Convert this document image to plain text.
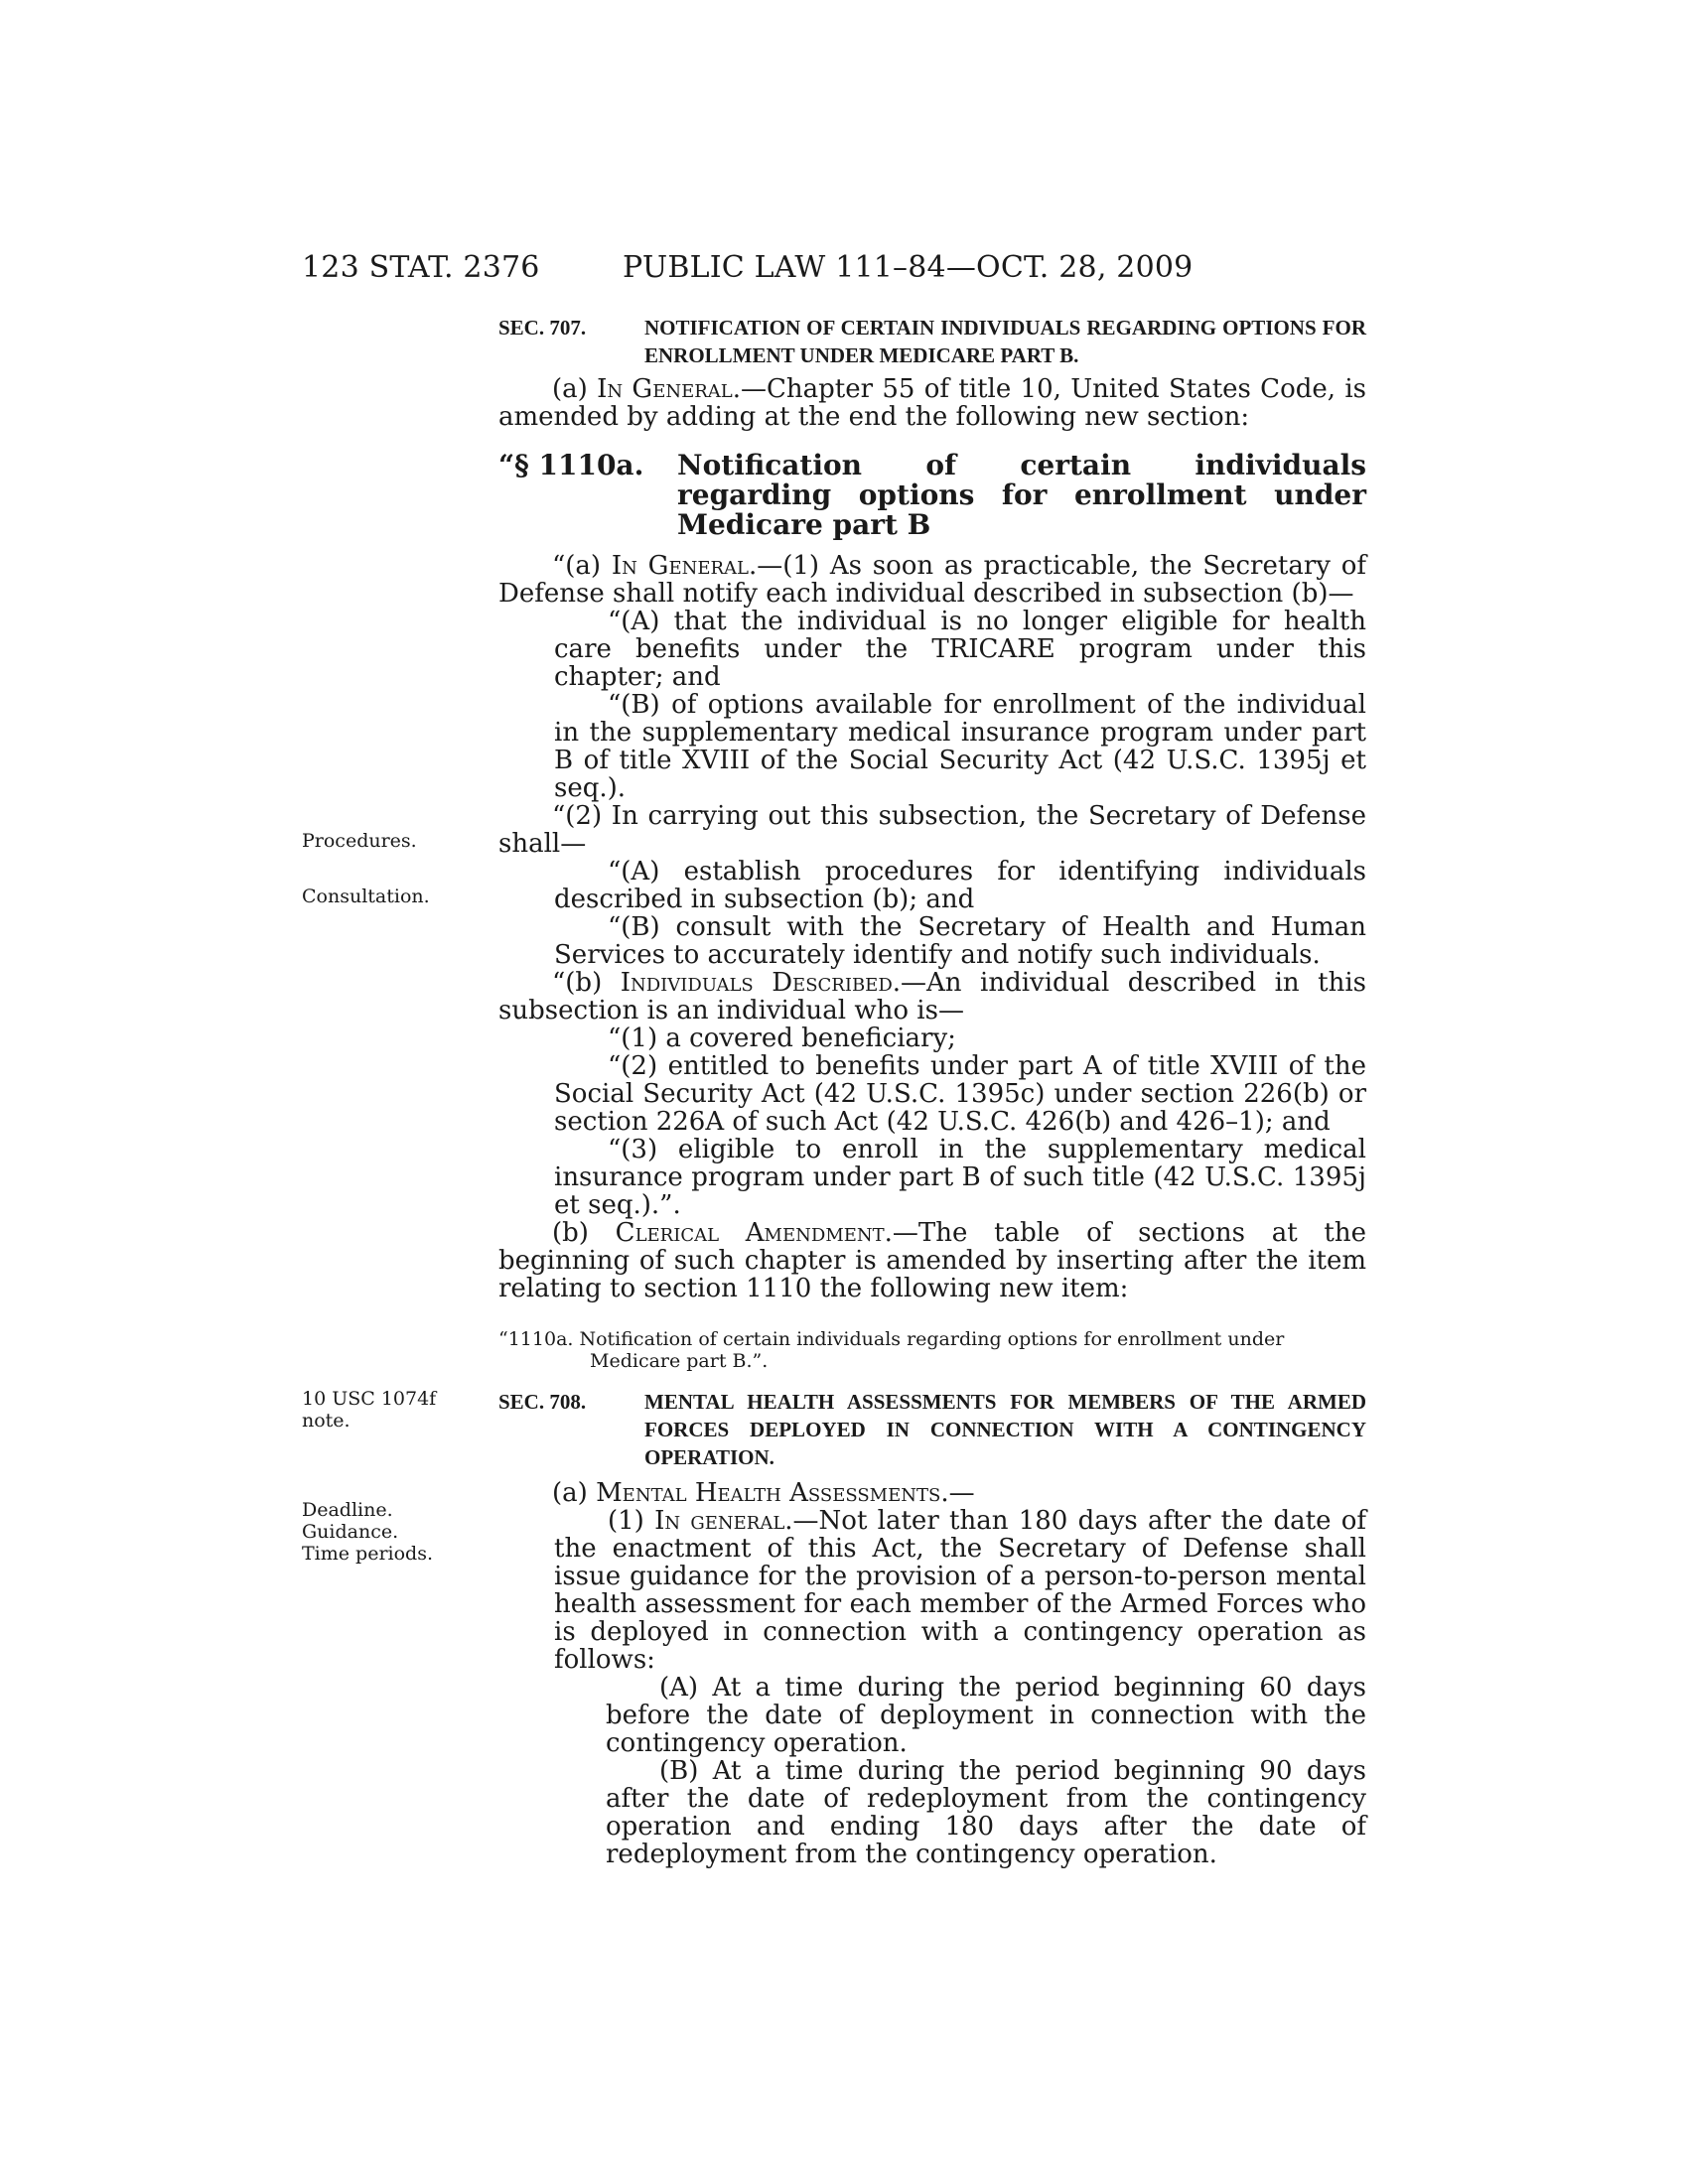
123 STAT. 2376	PUBLIC LAW 111–84—OCT. 28, 2009
Procedures.
Consultation.
10 USC 1074f
note.
Deadline.
Guidance.
Time periods.

SEC. 707.	NOTIFICATION OF CERTAIN INDIVIDUALS REGARDING OPTIONS FOR ENROLLMENT UNDER MEDICARE PART B.

(a) In General.—Chapter 55 of title 10, United States Code, is amended by adding at the end the following new section:

“§ 1110a. Notification of certain individuals regarding options for enrollment under Medicare part B

“(a) In General.—(1) As soon as practicable, the Secretary of Defense shall notify each individual described in subsection (b)—

“(A) that the individual is no longer eligible for health care benefits under the TRICARE program under this chapter; and

“(B) of options available for enrollment of the individual in the supplementary medical insurance program under part B of title XVIII of the Social Security Act (42 U.S.C. 1395j et seq.).

“(2) In carrying out this subsection, the Secretary of Defense shall—

“(A) establish procedures for identifying individuals described in subsection (b); and

“(B) consult with the Secretary of Health and Human Services to accurately identify and notify such individuals.

“(b) Individuals Described.—An individual described in this subsection is an individual who is—

“(1) a covered beneficiary;

“(2) entitled to benefits under part A of title XVIII of the Social Security Act (42 U.S.C. 1395c) under section 226(b) or section 226A of such Act (42 U.S.C. 426(b) and 426–1); and

“(3) eligible to enroll in the supplementary medical insurance program under part B of such title (42 U.S.C. 1395j et seq.).”.

(b) Clerical Amendment.—The table of sections at the beginning of such chapter is amended by inserting after the item relating to section 1110 the following new item:

“1110a. Notification of certain individuals regarding options for enrollment under Medicare part B.”.

SEC. 708.	MENTAL HEALTH ASSESSMENTS FOR MEMBERS OF THE ARMED FORCES DEPLOYED IN CONNECTION WITH A CONTINGENCY OPERATION.

(a) Mental Health Assessments.—

(1) In general.—Not later than 180 days after the date of the enactment of this Act, the Secretary of Defense shall issue guidance for the provision of a person-to-person mental health assessment for each member of the Armed Forces who is deployed in connection with a contingency operation as follows:

(A) At a time during the period beginning 60 days before the date of deployment in connection with the contingency operation.

(B) At a time during the period beginning 90 days after the date of redeployment from the contingency operation and ending 180 days after the date of redeployment from the contingency operation.
